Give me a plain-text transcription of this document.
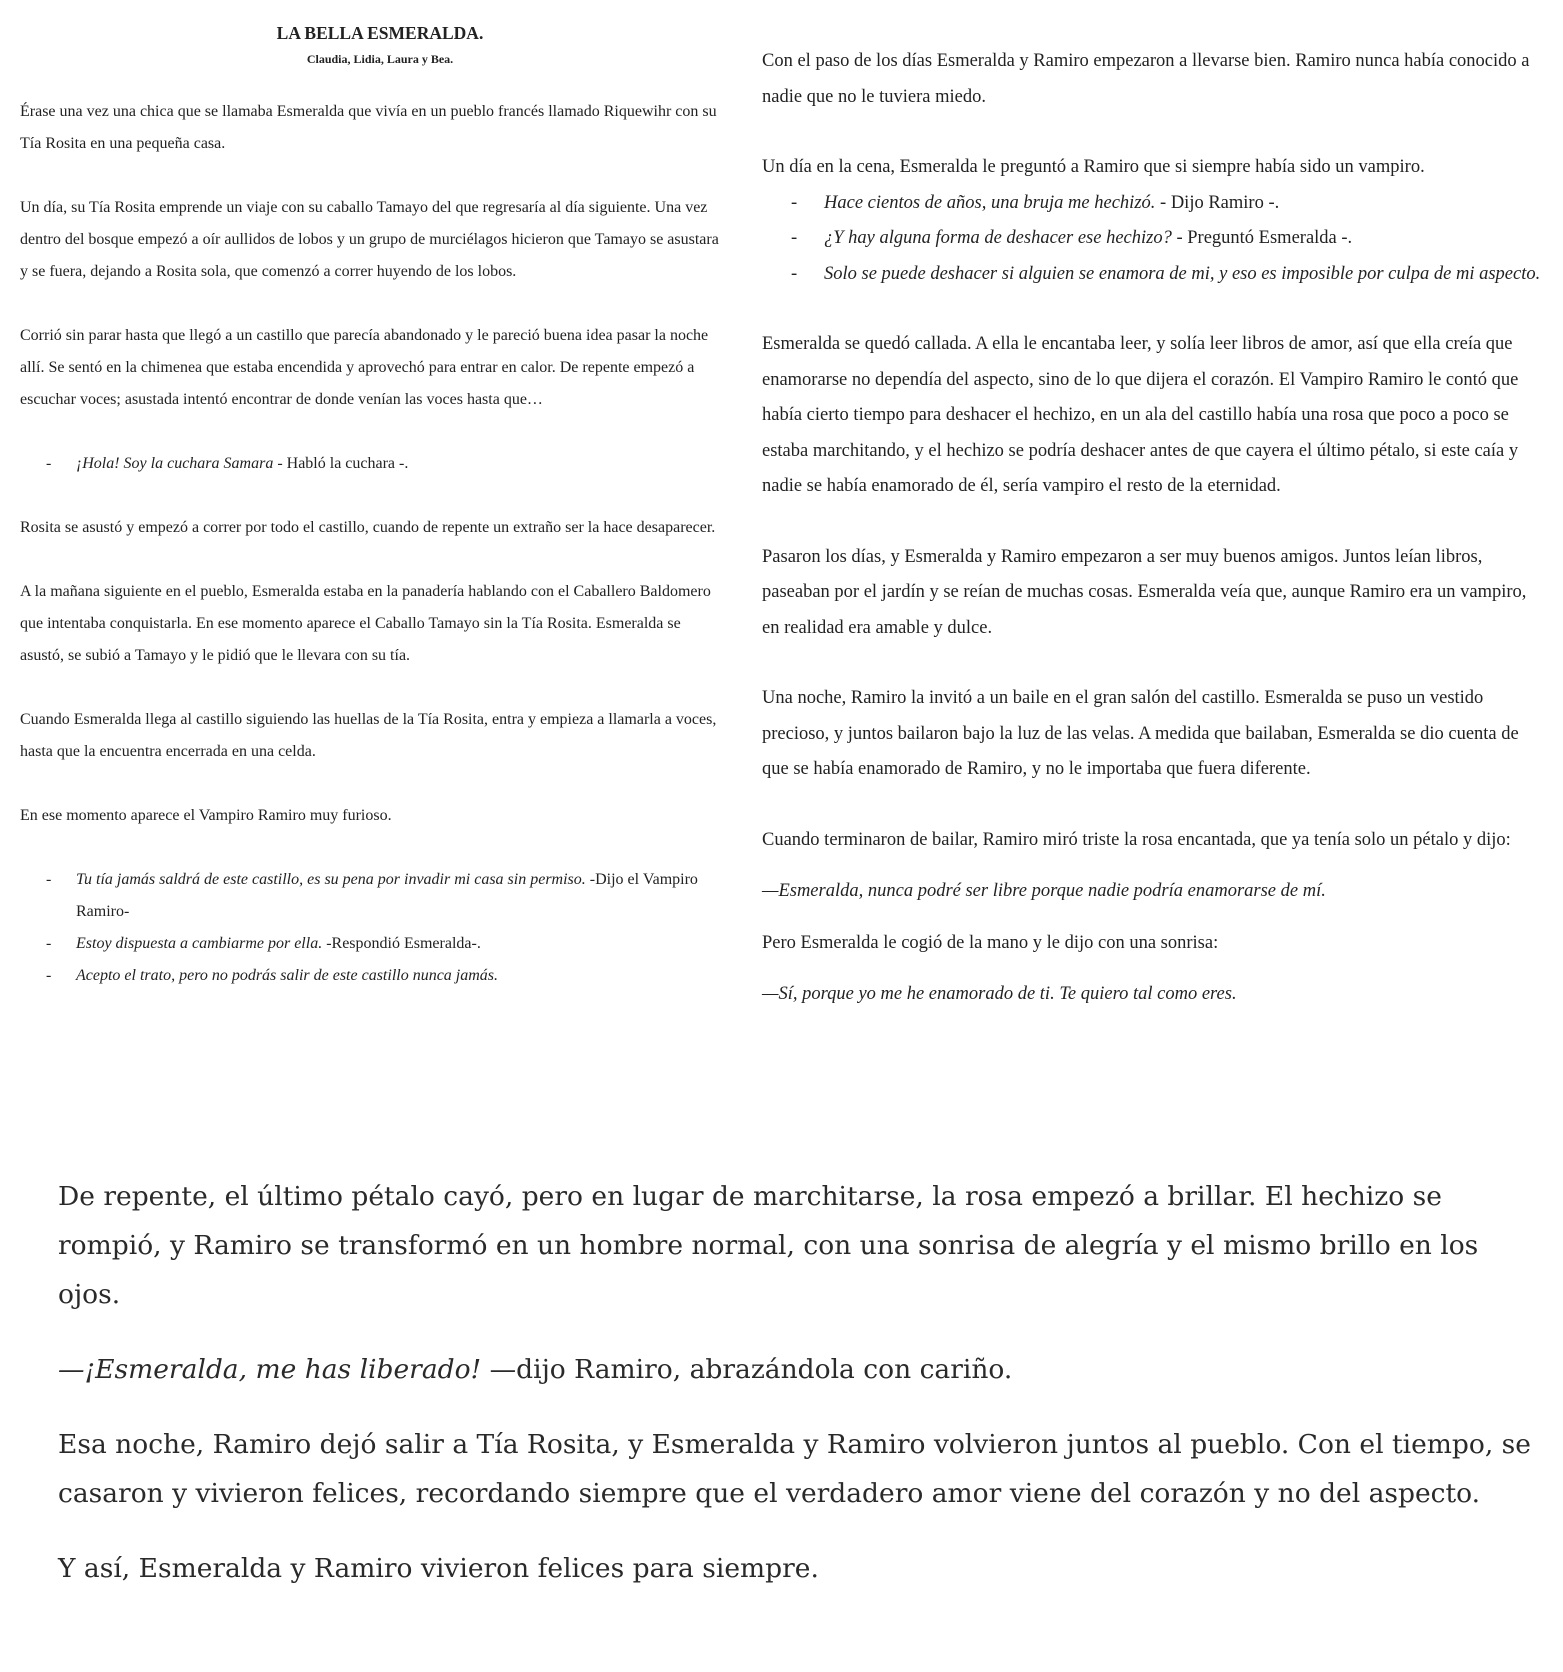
LA BELLA ESMERALDA.
Claudia, Lidia, Laura y Bea.

Érase una vez una chica que se llamaba Esmeralda que vivía en un pueblo francés llamado Riquewihr con su Tía Rosita en una pequeña casa.

Un día, su Tía Rosita emprende un viaje con su caballo Tamayo del que regresaría al día siguiente. Una vez dentro del bosque empezó a oír aullidos de lobos y un grupo de murciélagos hicieron que Tamayo se asustara y se fuera, dejando a Rosita sola, que comenzó a correr huyendo de los lobos.

Corrió sin parar hasta que llegó a un castillo que parecía abandonado y le pareció buena idea pasar la noche allí. Se sentó en la chimenea que estaba encendida y aprovechó para entrar en calor. De repente empezó a escuchar voces; asustada intentó encontrar de donde venían las voces hasta que…

- ¡Hola! Soy la cuchara Samara - Habló la cuchara -.

Rosita se asustó y empezó a correr por todo el castillo, cuando de repente un extraño ser la hace desaparecer.

A la mañana siguiente en el pueblo, Esmeralda estaba en la panadería hablando con el Caballero Baldomero que intentaba conquistarla. En ese momento aparece el Caballo Tamayo sin la Tía Rosita. Esmeralda se asustó, se subió a Tamayo y le pidió que le llevara con su tía.

Cuando Esmeralda llega al castillo siguiendo las huellas de la Tía Rosita, entra y empieza a llamarla a voces, hasta que la encuentra encerrada en una celda.

En ese momento aparece el Vampiro Ramiro muy furioso.

- Tu tía jamás saldrá de este castillo, es su pena por invadir mi casa sin permiso. -Dijo el Vampiro Ramiro-
- Estoy dispuesta a cambiarme por ella. -Respondió Esmeralda-.
- Acepto el trato, pero no podrás salir de este castillo nunca jamás.

Con el paso de los días Esmeralda y Ramiro empezaron a llevarse bien. Ramiro nunca había conocido a nadie que no le tuviera miedo.

Un día en la cena, Esmeralda le preguntó a Ramiro que si siempre había sido un vampiro.

- Hace cientos de años, una bruja me hechizó. - Dijo Ramiro -.
- ¿Y hay alguna forma de deshacer ese hechizo? - Preguntó Esmeralda -.
- Solo se puede deshacer si alguien se enamora de mi, y eso es imposible por culpa de mi aspecto.

Esmeralda se quedó callada. A ella le encantaba leer, y solía leer libros de amor, así que ella creía que enamorarse no dependía del aspecto, sino de lo que dijera el corazón. El Vampiro Ramiro le contó que había cierto tiempo para deshacer el hechizo, en un ala del castillo había una rosa que poco a poco se estaba marchitando, y el hechizo se podría deshacer antes de que cayera el último pétalo, si este caía y nadie se había enamorado de él, sería vampiro el resto de la eternidad.

Pasaron los días, y Esmeralda y Ramiro empezaron a ser muy buenos amigos. Juntos leían libros, paseaban por el jardín y se reían de muchas cosas. Esmeralda veía que, aunque Ramiro era un vampiro, en realidad era amable y dulce.

Una noche, Ramiro la invitó a un baile en el gran salón del castillo. Esmeralda se puso un vestido precioso, y juntos bailaron bajo la luz de las velas. A medida que bailaban, Esmeralda se dio cuenta de que se había enamorado de Ramiro, y no le importaba que fuera diferente.

Cuando terminaron de bailar, Ramiro miró triste la rosa encantada, que ya tenía solo un pétalo y dijo:

—Esmeralda, nunca podré ser libre porque nadie podría enamorarse de mí.

Pero Esmeralda le cogió de la mano y le dijo con una sonrisa:

—Sí, porque yo me he enamorado de ti. Te quiero tal como eres.

De repente, el último pétalo cayó, pero en lugar de marchitarse, la rosa empezó a brillar. El hechizo se rompió, y Ramiro se transformó en un hombre normal, con una sonrisa de alegría y el mismo brillo en los ojos.

—¡Esmeralda, me has liberado! —dijo Ramiro, abrazándola con cariño.

Esa noche, Ramiro dejó salir a Tía Rosita, y Esmeralda y Ramiro volvieron juntos al pueblo. Con el tiempo, se casaron y vivieron felices, recordando siempre que el verdadero amor viene del corazón y no del aspecto.

Y así, Esmeralda y Ramiro vivieron felices para siempre.
